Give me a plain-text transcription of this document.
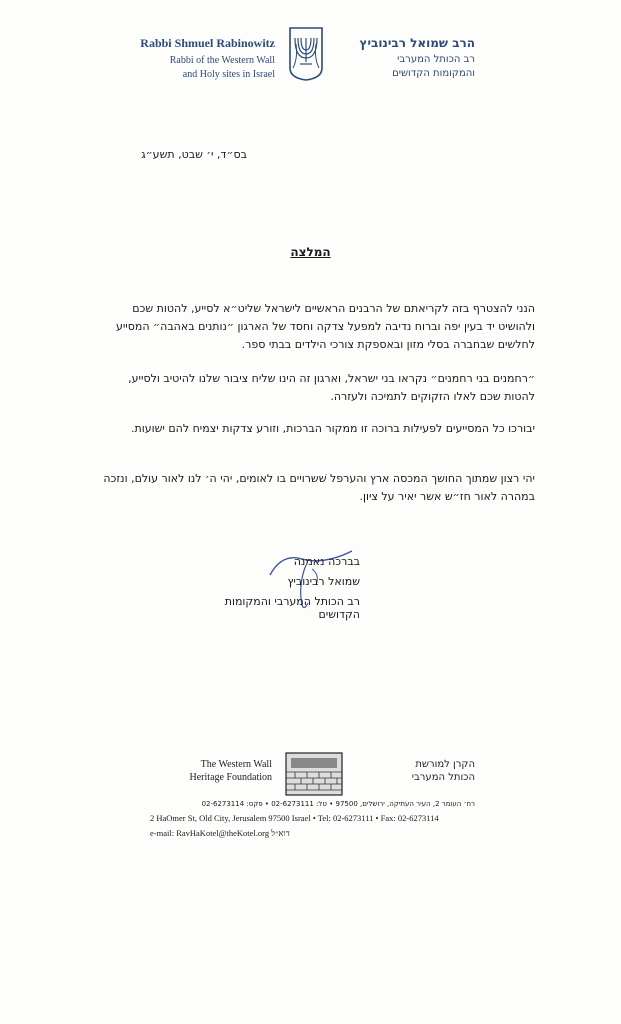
Rabbi Shmuel Rabinowitz
Rabbi of the Western Wall
and Holy sites in Israel
הרב שמואל רבינוביץ
רב הכותל המערבי
והמקומות הקדושים
בס״ד, י׳ שבט, תשע״ג
המלצה
הנני להצטרף בזה לקריאתם של הרבנים הראשיים לישראל שליט״א לסייע, להטות שכם ולהושיט יד בעין יפה וברוח נדיבה למפעל צדקה וחסד של הארגון ״נותנים באהבה״ המסייע לחלשים שבחברה בסלי מזון ובאספקת צורכי הילדים בבתי ספר.
״רחמנים בני רחמנים״ נקראו בני ישראל, וארגון זה הינו שליח ציבור שלנו להיטיב ולסייע, להטות שכם לאלו הזקוקים לתמיכה ולעזרה.
יבורכו כל המסייעים לפעילות ברוכה זו ממקור הברכות, וזורע צדקות יצמיח להם ישועות.
יהי רצון שמתוך החושך המכסה ארץ והערפל שׁשרויים בו לאומים, יהי ה׳ לנו לאור עולם, ונזכה במהרה לאור חז״ש אשר יאיר על ציון.
בברכה נאמנה
שמואל רבינוביץ
רב הכותל המערבי והמקומות הקדושים
The Western Wall
Heritage Foundation
הקרן למורשת
הכותל המערבי
רח׳ העומר 2, העיר העתיקה, ירושלים, 97500 • טל: 02-6273111 • פקס: 02-6273114
2 HaOmer St, Old City, Jerusalem 97500 Israel • Tel: 02-6273111 • Fax: 02-6273114
e-mail: RavHaKotel@theKotel.org דוא״ל
